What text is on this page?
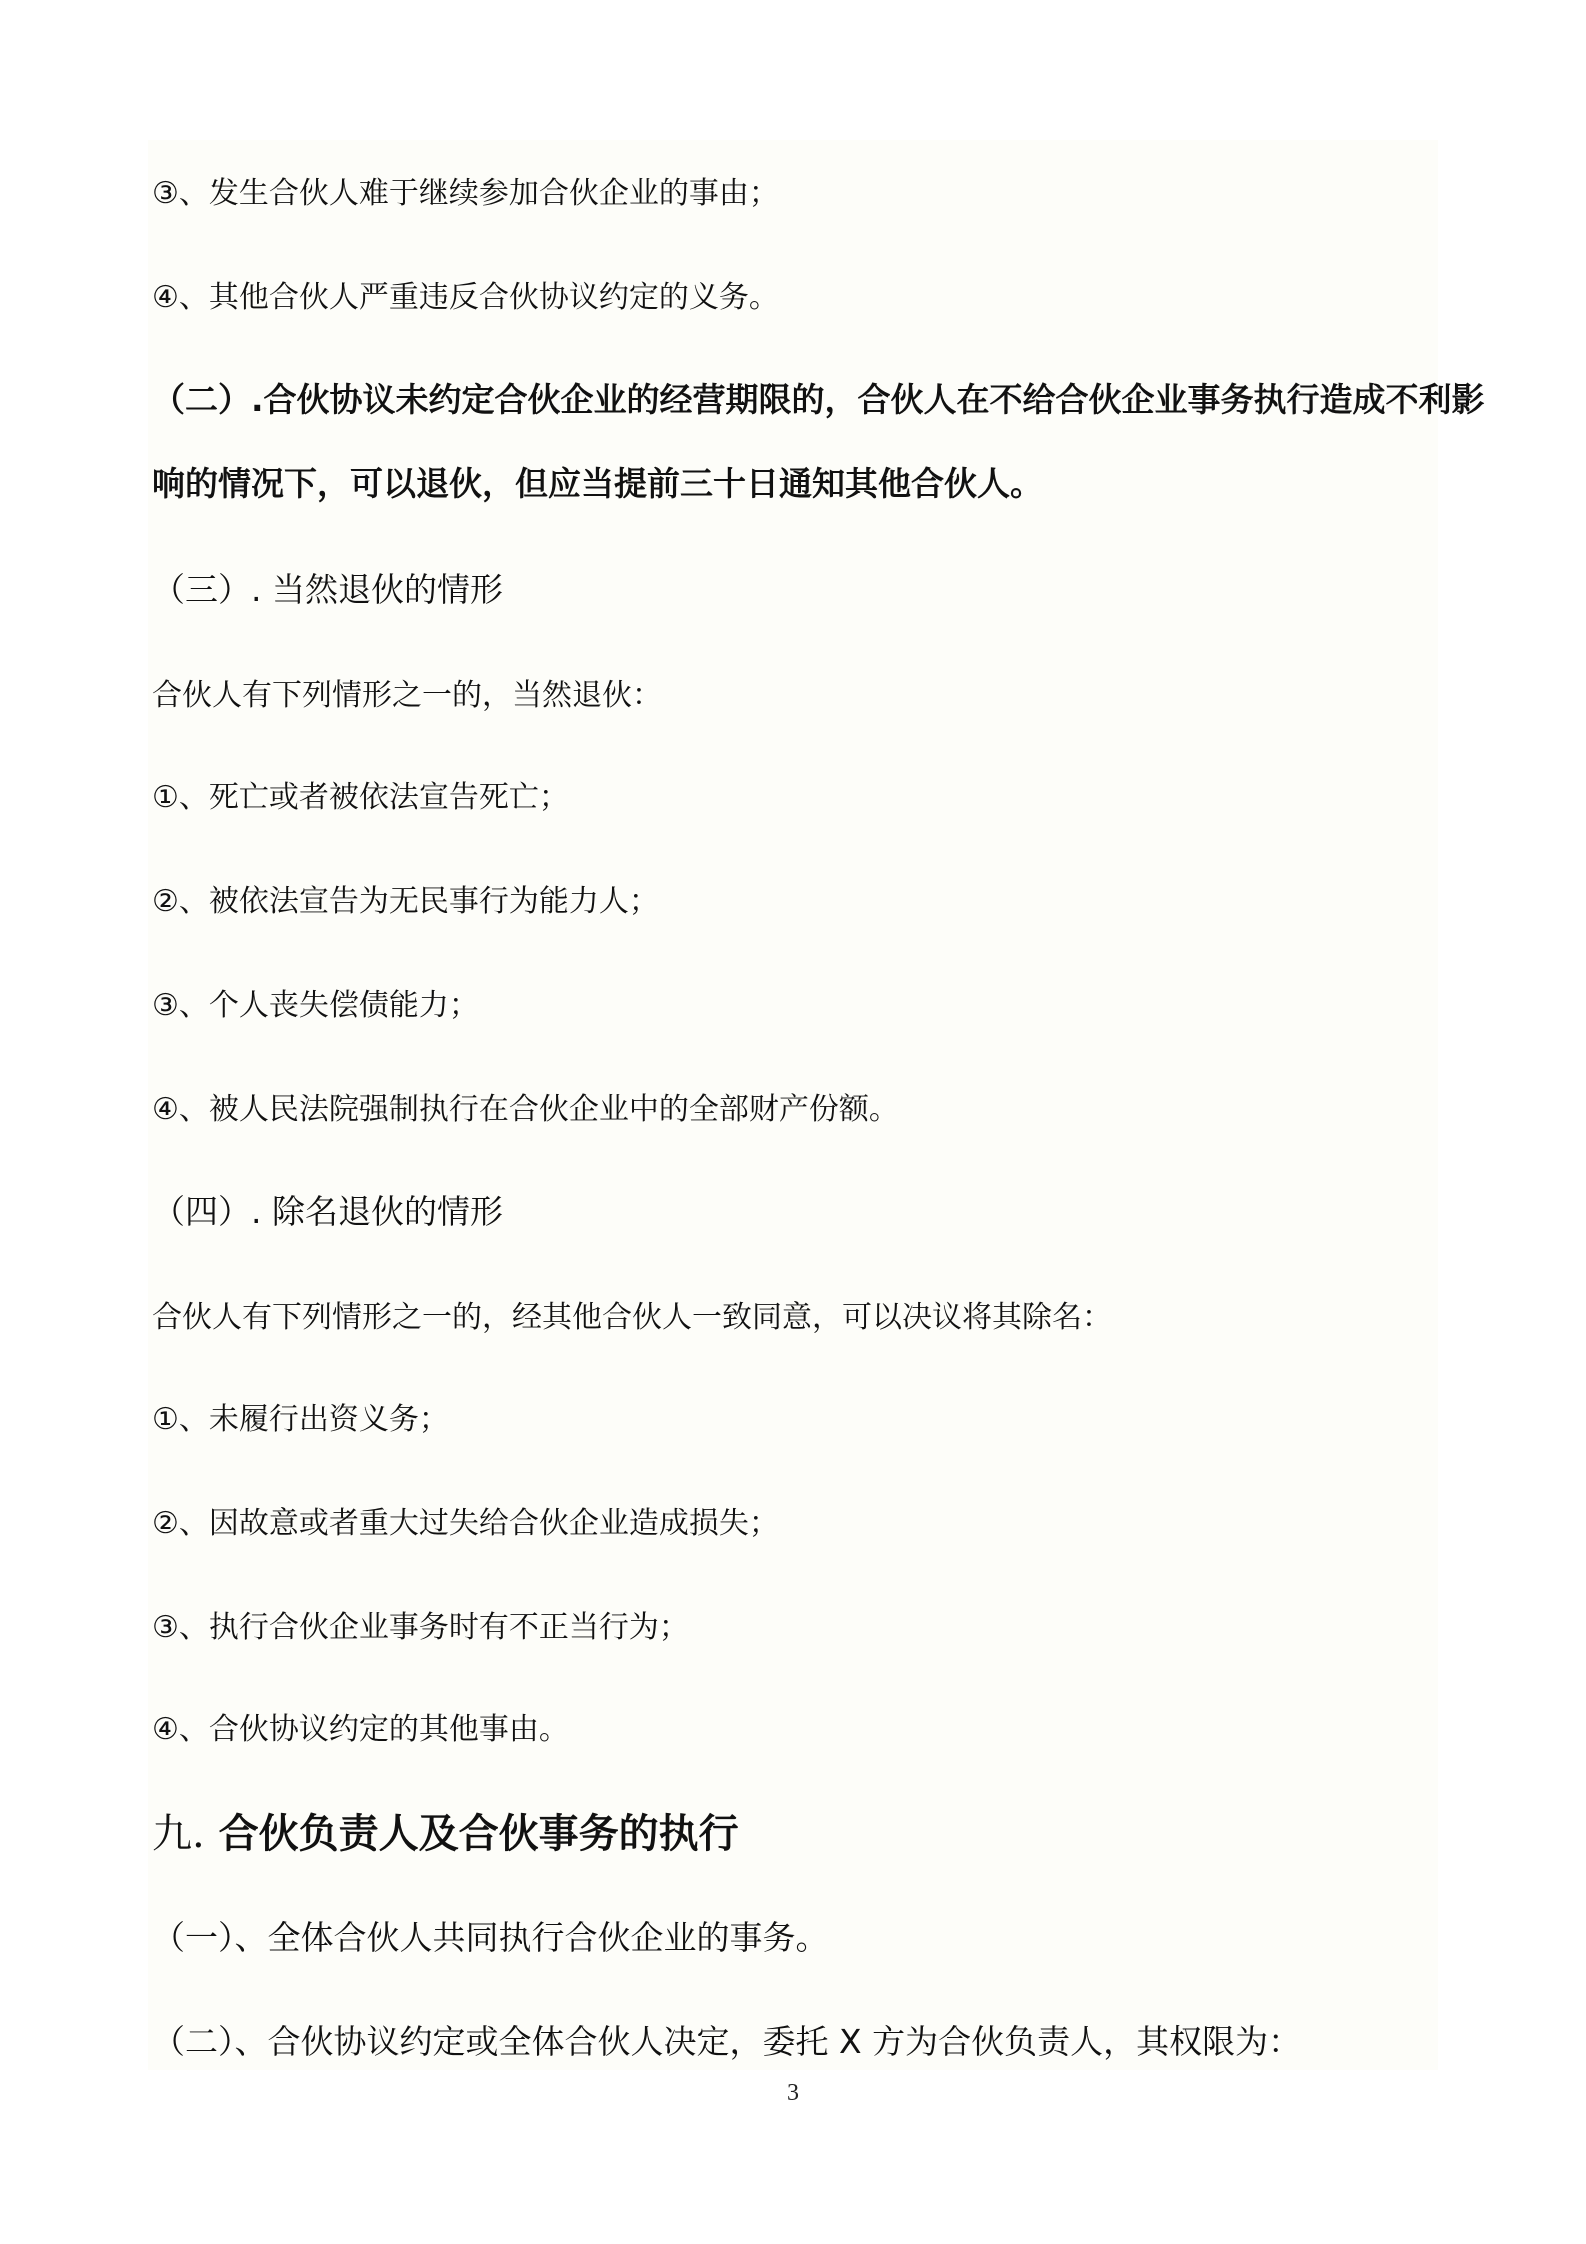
③、发生合伙人难于继续参加合伙企业的事由；
④、其他合伙人严重违反合伙协议约定的义务。
（二）.合伙协议未约定合伙企业的经营期限的，合伙人在不给合伙企业事务执行造成不利影
响的情况下，可以退伙，但应当提前三十日通知其他合伙人。
（三）. 当然退伙的情形
合伙人有下列情形之一的，当然退伙：
①、死亡或者被依法宣告死亡；
②、被依法宣告为无民事行为能力人；
③、个人丧失偿债能力；
④、被人民法院强制执行在合伙企业中的全部财产份额。
（四）. 除名退伙的情形
合伙人有下列情形之一的，经其他合伙人一致同意，可以决议将其除名：
①、未履行出资义务；
②、因故意或者重大过失给合伙企业造成损失；
③、执行合伙企业事务时有不正当行为；
④、合伙协议约定的其他事由。
九. 合伙负责人及合伙事务的执行
（一）、全体合伙人共同执行合伙企业的事务。
（二）、合伙协议约定或全体合伙人决定，委托 X 方为合伙负责人，其权限为：
3
